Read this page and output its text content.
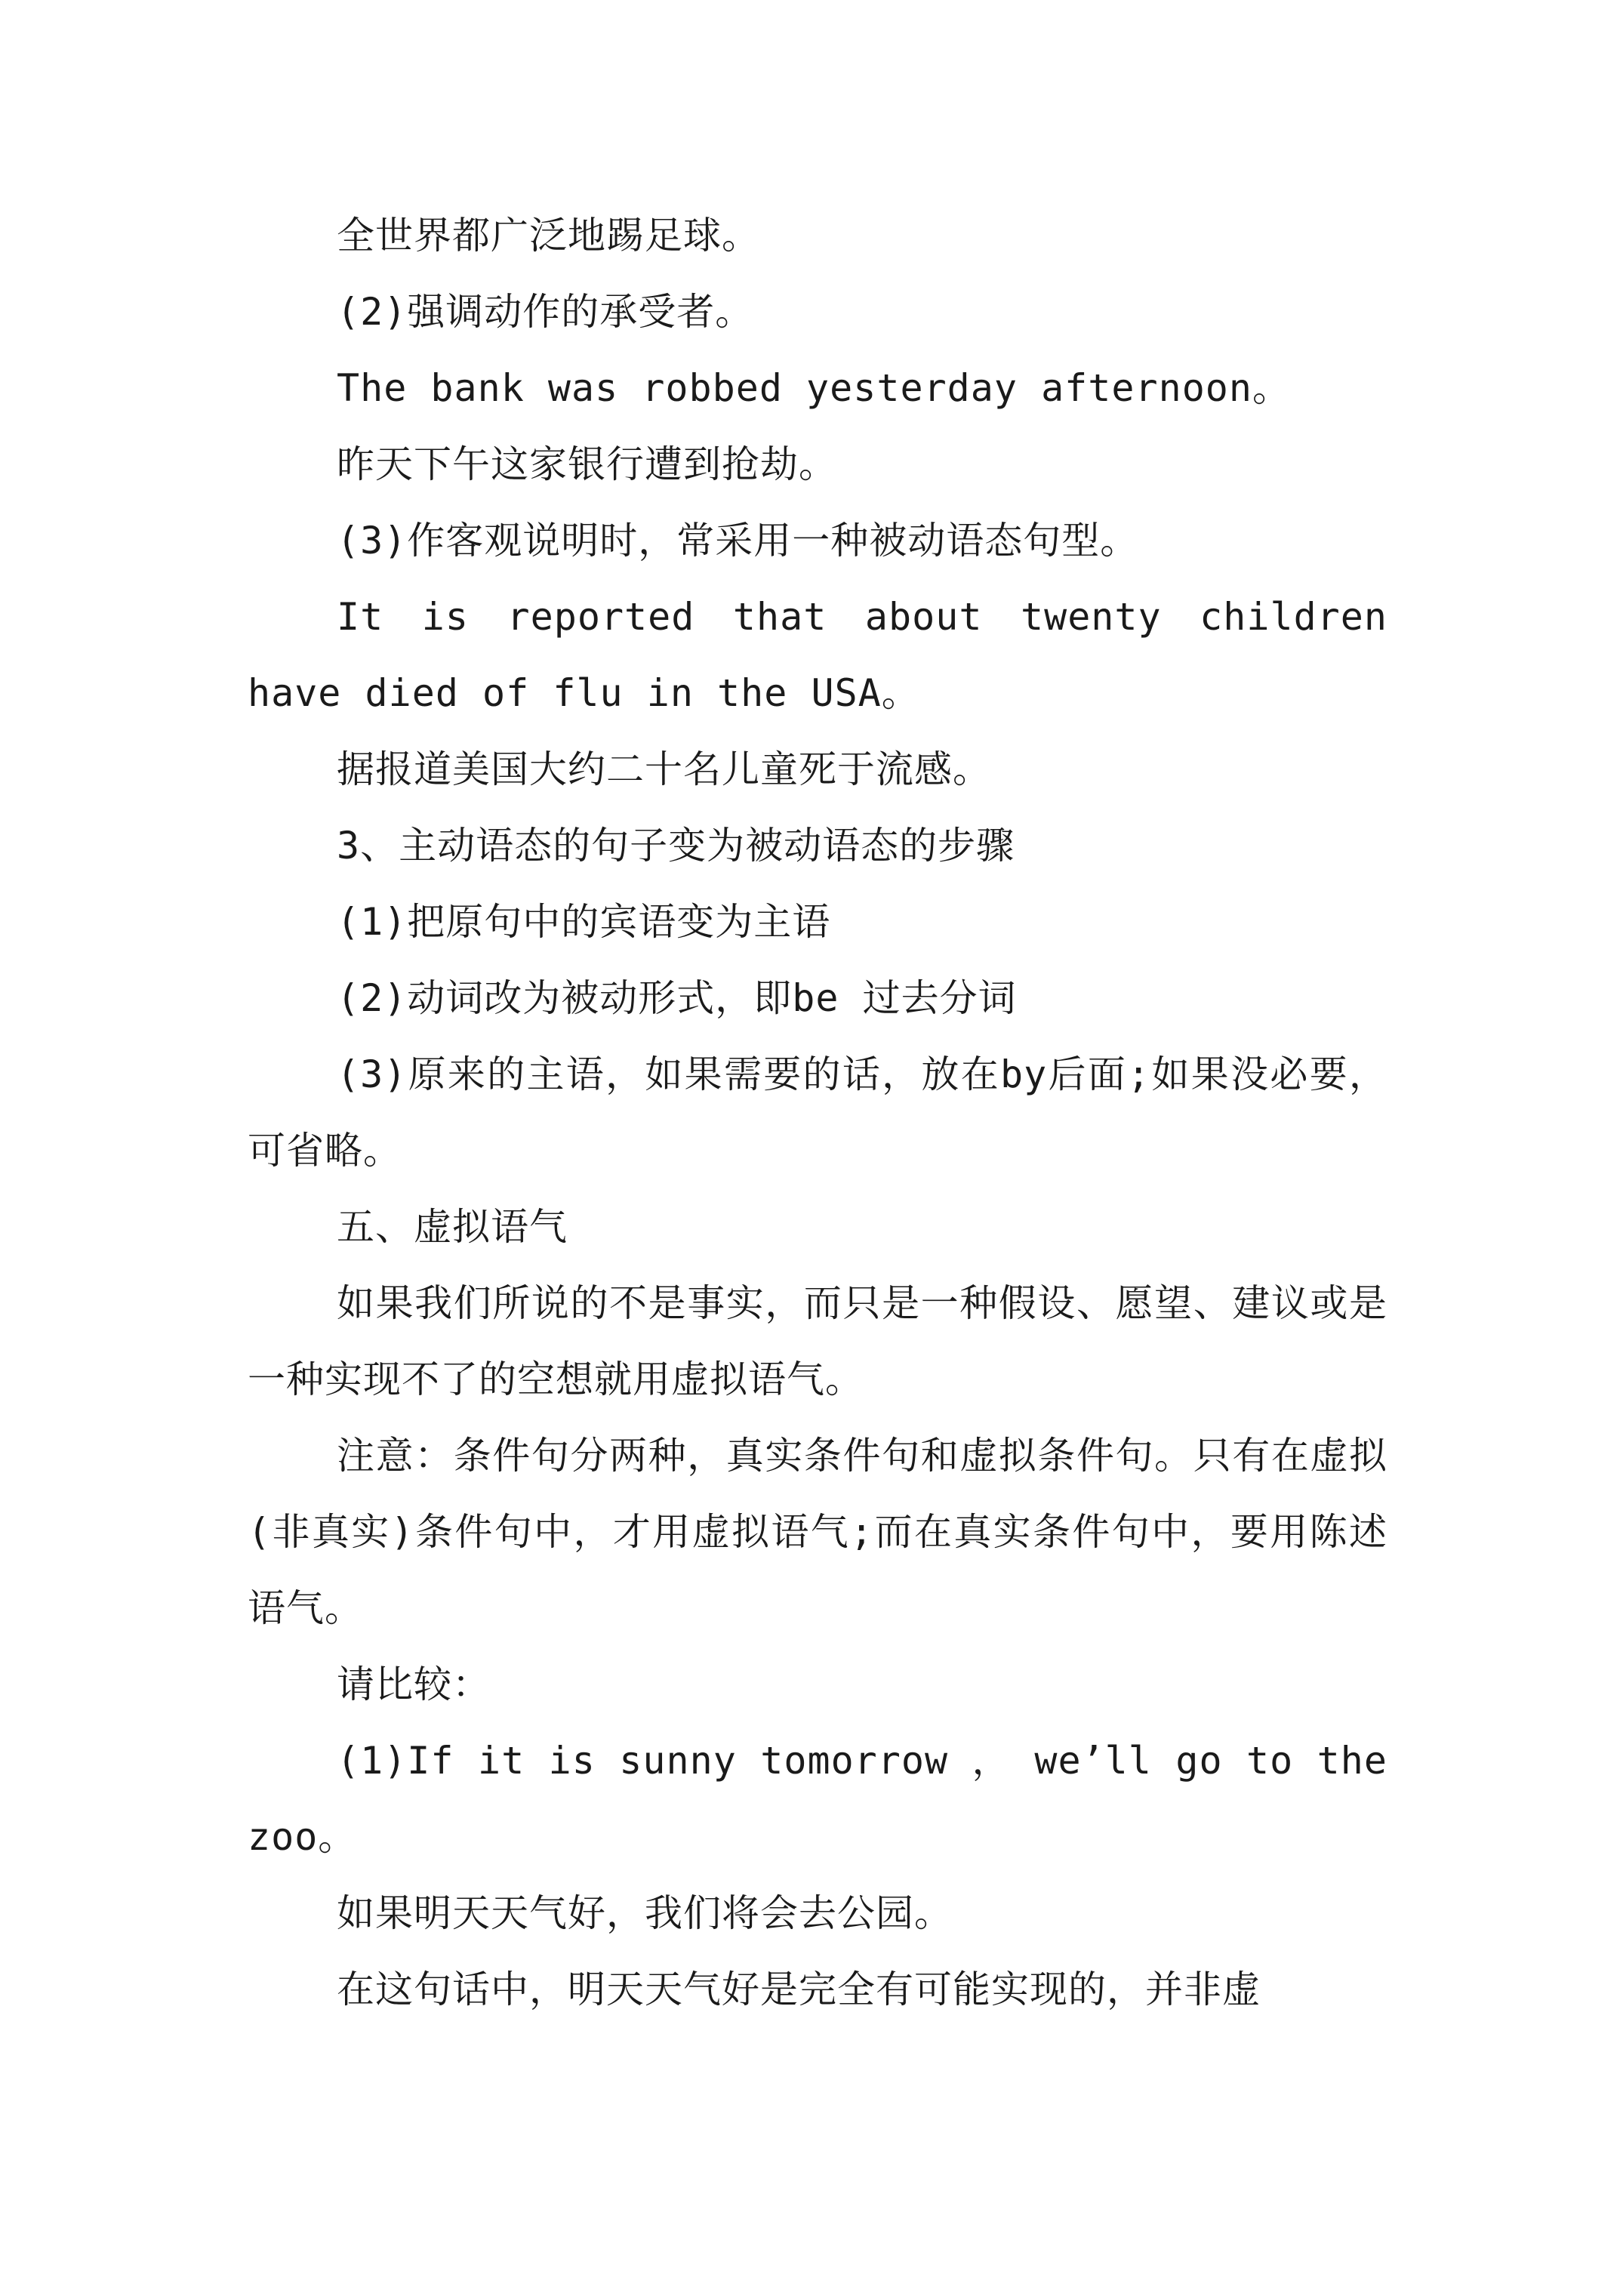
全世界都广泛地踢足球。

(2)强调动作的承受者。

The bank was robbed yesterday afternoon。

昨天下午这家银行遭到抢劫。

(3)作客观说明时，常采用一种被动语态句型。

It is reported that about twenty children have died of flu in the USA。

据报道美国大约二十名儿童死于流感。

3、主动语态的句子变为被动语态的步骤

(1)把原句中的宾语变为主语

(2)动词改为被动形式，即be 过去分词

(3)原来的主语，如果需要的话，放在by后面;如果没必要，可省略。

五、虚拟语气

如果我们所说的不是事实，而只是一种假设、愿望、建议或是一种实现不了的空想就用虚拟语气。

注意：条件句分两种，真实条件句和虚拟条件句。只有在虚拟(非真实)条件句中，才用虚拟语气;而在真实条件句中，要用陈述语气。

请比较：

(1)If it is sunny tomorrow ， we’ll go to the zoo。

如果明天天气好，我们将会去公园。

在这句话中，明天天气好是完全有可能实现的，并非虚
